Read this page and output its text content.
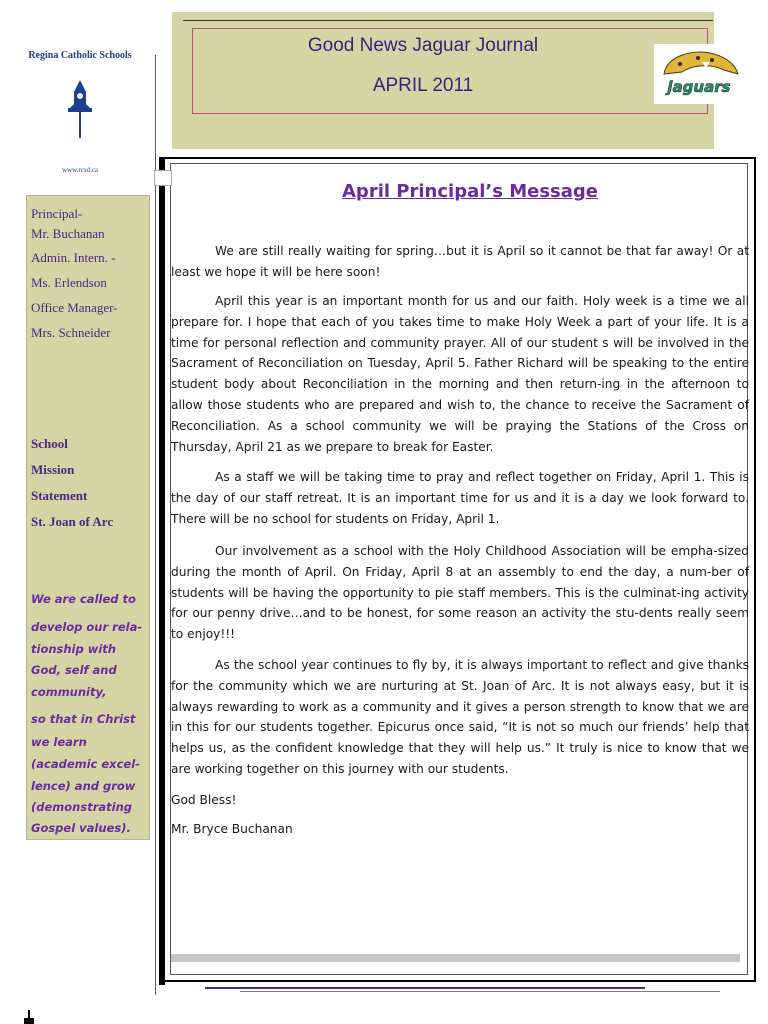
Regina Catholic Schools
www.rcsd.ca
Principal-
Mr. Buchanan
Admin. Intern. -
Ms. Erlendson
Office Manager-
Mrs. Schneider
School
Mission
Statement
St. Joan of Arc
We are called to
develop our rela-
tionship with
God, self and
community,
so that in Christ
we learn
(academic excel-
lence) and grow
(demonstrating
Gospel values).
Good News Jaguar Journal
APRIL 2011	jaguars
April Principal’s Message

We are still really waiting for spring…but it is April so it cannot be that far away! Or at least we hope it will be here soon!

April this year is an important month for us and our faith. Holy week is a time we all prepare for. I hope that each of you takes time to make Holy Week a part of your life. It is a time for personal reflection and community prayer. All of our student s will be involved in the Sacrament of Reconciliation on Tuesday, April 5. Father Richard will be speaking to the entire student body about Reconciliation in the morning and then return-ing in the afternoon to allow those students who are prepared and wish to, the chance to receive the Sacrament of Reconciliation. As a school community we will be praying the Stations of the Cross on Thursday, April 21 as we prepare to break for Easter.

As a staff we will be taking time to pray and reflect together on Friday, April 1. This is the day of our staff retreat. It is an important time for us and it is a day we look forward to. There will be no school for students on Friday, April 1.

Our involvement as a school with the Holy Childhood Association will be empha-sized during the month of April. On Friday, April 8 at an assembly to end the day, a num-ber of students will be having the opportunity to pie staff members. This is the culminat-ing activity for our penny drive…and to be honest, for some reason an activity the stu-dents really seem to enjoy!!!

As the school year continues to fly by, it is always important to reflect and give thanks for the community which we are nurturing at St. Joan of Arc. It is not always easy, but it is always rewarding to work as a community and it gives a person strength to know that we are in this for our students together. Epicurus once said, “It is not so much our friends’ help that helps us, as the confident knowledge that they will help us.” It truly is nice to know that we are working together on this journey with our students.

God Bless!
Mr. Bryce Buchanan
